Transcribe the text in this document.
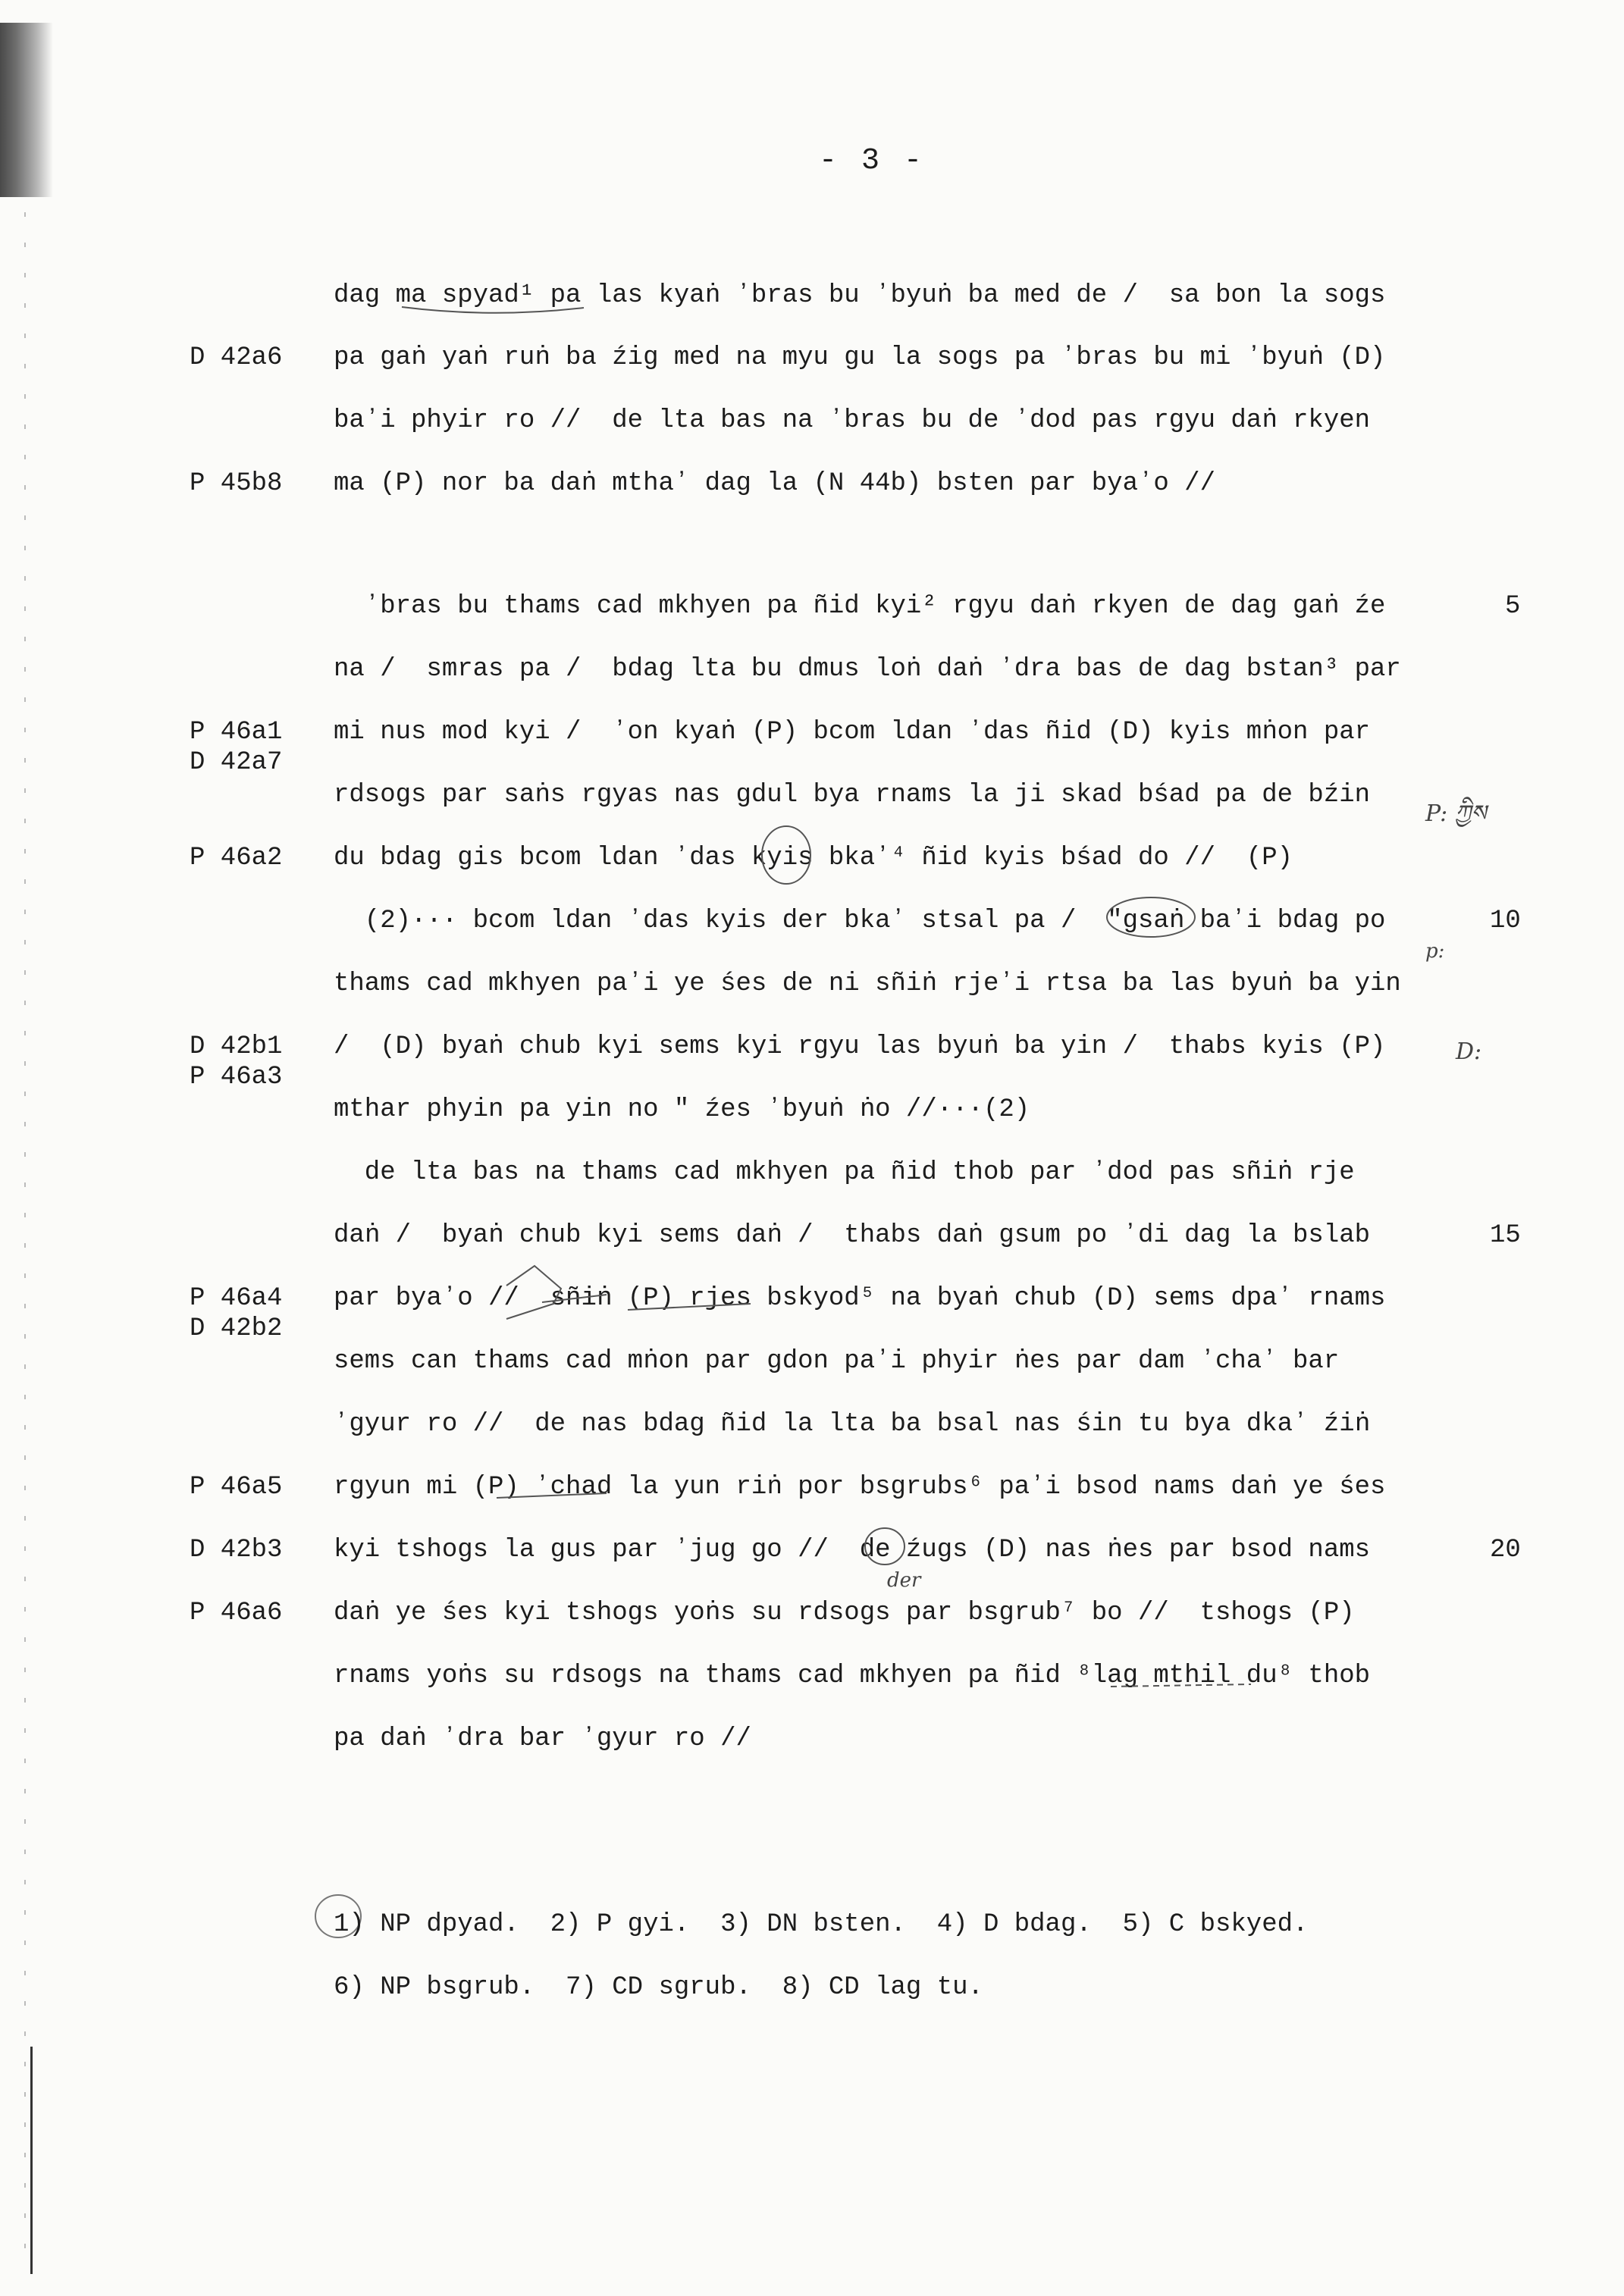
- 3 -
dag ma spyad¹ pa las kyaṅ ʼbras bu ʼbyuṅ ba med de /  sa bon la sogs
pa gaṅ yaṅ ruṅ ba źig med na myu gu la sogs pa ʼbras bu mi ʼbyuṅ (D)
baʼi phyir ro //  de lta bas na ʼbras bu de ʼdod pas rgyu daṅ rkyen
ma (P) nor ba daṅ mthaʼ dag la (N 44b) bsten par byaʼo //
ʼbras bu thams cad mkhyen pa ñid kyi² rgyu daṅ rkyen de dag gaṅ źe
na /  smras pa /  bdag lta bu dmus loṅ daṅ ʼdra bas de dag bstan³ par
mi nus mod kyi /  ʼon kyaṅ (P) bcom ldan ʼdas ñid (D) kyis mṅon par
rdsogs par saṅs rgyas nas gdul bya rnams la ji skad bśad pa de bźin
du bdag gis bcom ldan ʼdas kyis bkaʼ⁴ ñid kyis bśad do //  (P)
(2)··· bcom ldan ʼdas kyis der bkaʼ stsal pa /  "gsaṅ baʼi bdag po
thams cad mkhyen paʼi ye śes de ni sñiṅ rjeʼi rtsa ba las byuṅ ba yin
/  (D) byaṅ chub kyi sems kyi rgyu las byuṅ ba yin /  thabs kyis (P)
mthar phyin pa yin no " źes ʼbyuṅ ṅo //···(2)
de lta bas na thams cad mkhyen pa ñid thob par ʼdod pas sñiṅ rje
daṅ /  byaṅ chub kyi sems daṅ /  thabs daṅ gsum po ʼdi dag la bslab
par byaʼo //  sñiṅ (P) rjes bskyod⁵ na byaṅ chub (D) sems dpaʼ rnams
sems can thams cad mṅon par gdon paʼi phyir ṅes par dam ʼchaʼ bar
ʼgyur ro //  de nas bdag ñid la lta ba bsal nas śin tu bya dkaʼ źiṅ
rgyun mi (P) ʼchad la yun riṅ por bsgrubs⁶ paʼi bsod nams daṅ ye śes
kyi tshogs la gus par ʼjug go //  de źugs (D) nas ṅes par bsod nams
daṅ ye śes kyi tshogs yoṅs su rdsogs par bsgrub⁷ bo //  tshogs (P)
rnams yoṅs su rdsogs na thams cad mkhyen pa ñid ⁸lag mthil du⁸ thob
pa daṅ ʼdra bar ʼgyur ro //
D 42a6
P 45b8
P 46a1
D 42a7
P 46a2
D 42b1
P 46a3
P 46a4
D 42b2
P 46a5
D 42b3
P 46a6
5
10
15
20
p:
P: ཀྱིས
D:
der
1) NP dpyad.  2) P gyi.  3) DN bsten.  4) D bdag.  5) C bskyed.
6) NP bsgrub.  7) CD sgrub.  8) CD lag tu.
